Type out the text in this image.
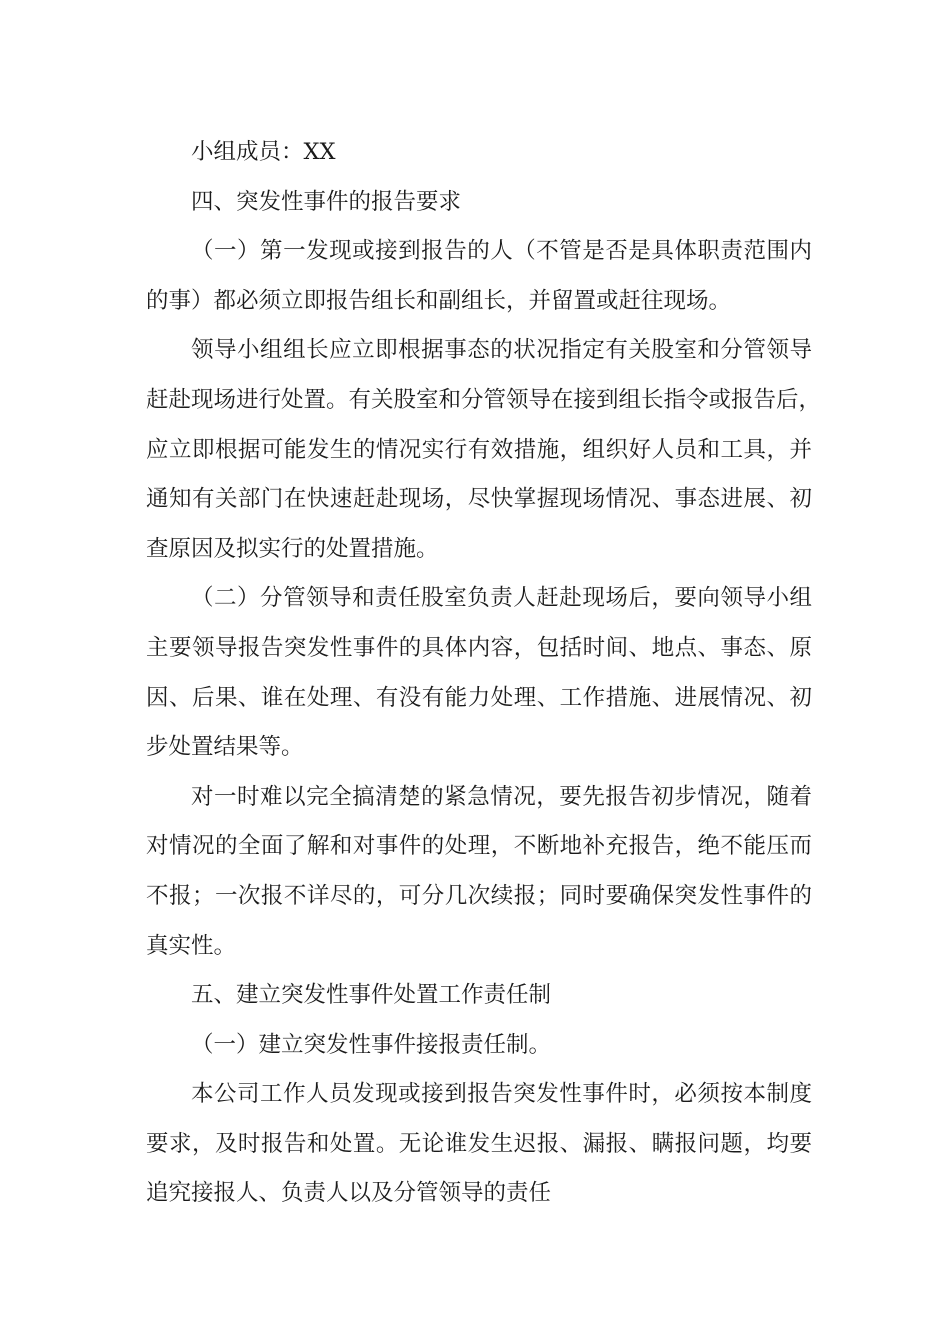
小组成员：XX
四、突发性事件的报告要求
（一）第一发现或接到报告的人（不管是否是具体职责范围内
的事）都必须立即报告组长和副组长，并留置或赶往现场。
领导小组组长应立即根据事态的状况指定有关股室和分管领导
赶赴现场进行处置。有关股室和分管领导在接到组长指令或报告后，
应立即根据可能发生的情况实行有效措施，组织好人员和工具，并
通知有关部门在快速赶赴现场，尽快掌握现场情况、事态进展、初
查原因及拟实行的处置措施。
（二）分管领导和责任股室负责人赶赴现场后，要向领导小组
主要领导报告突发性事件的具体内容，包括时间、地点、事态、原
因、后果、谁在处理、有没有能力处理、工作措施、进展情况、初
步处置结果等。
对一时难以完全搞清楚的紧急情况，要先报告初步情况，随着
对情况的全面了解和对事件的处理，不断地补充报告，绝不能压而
不报；一次报不详尽的，可分几次续报；同时要确保突发性事件的
真实性。
五、建立突发性事件处置工作责任制
（一）建立突发性事件接报责任制。
本公司工作人员发现或接到报告突发性事件时，必须按本制度
要求，及时报告和处置。无论谁发生迟报、漏报、瞒报问题，均要
追究接报人、负责人以及分管领导的责任
